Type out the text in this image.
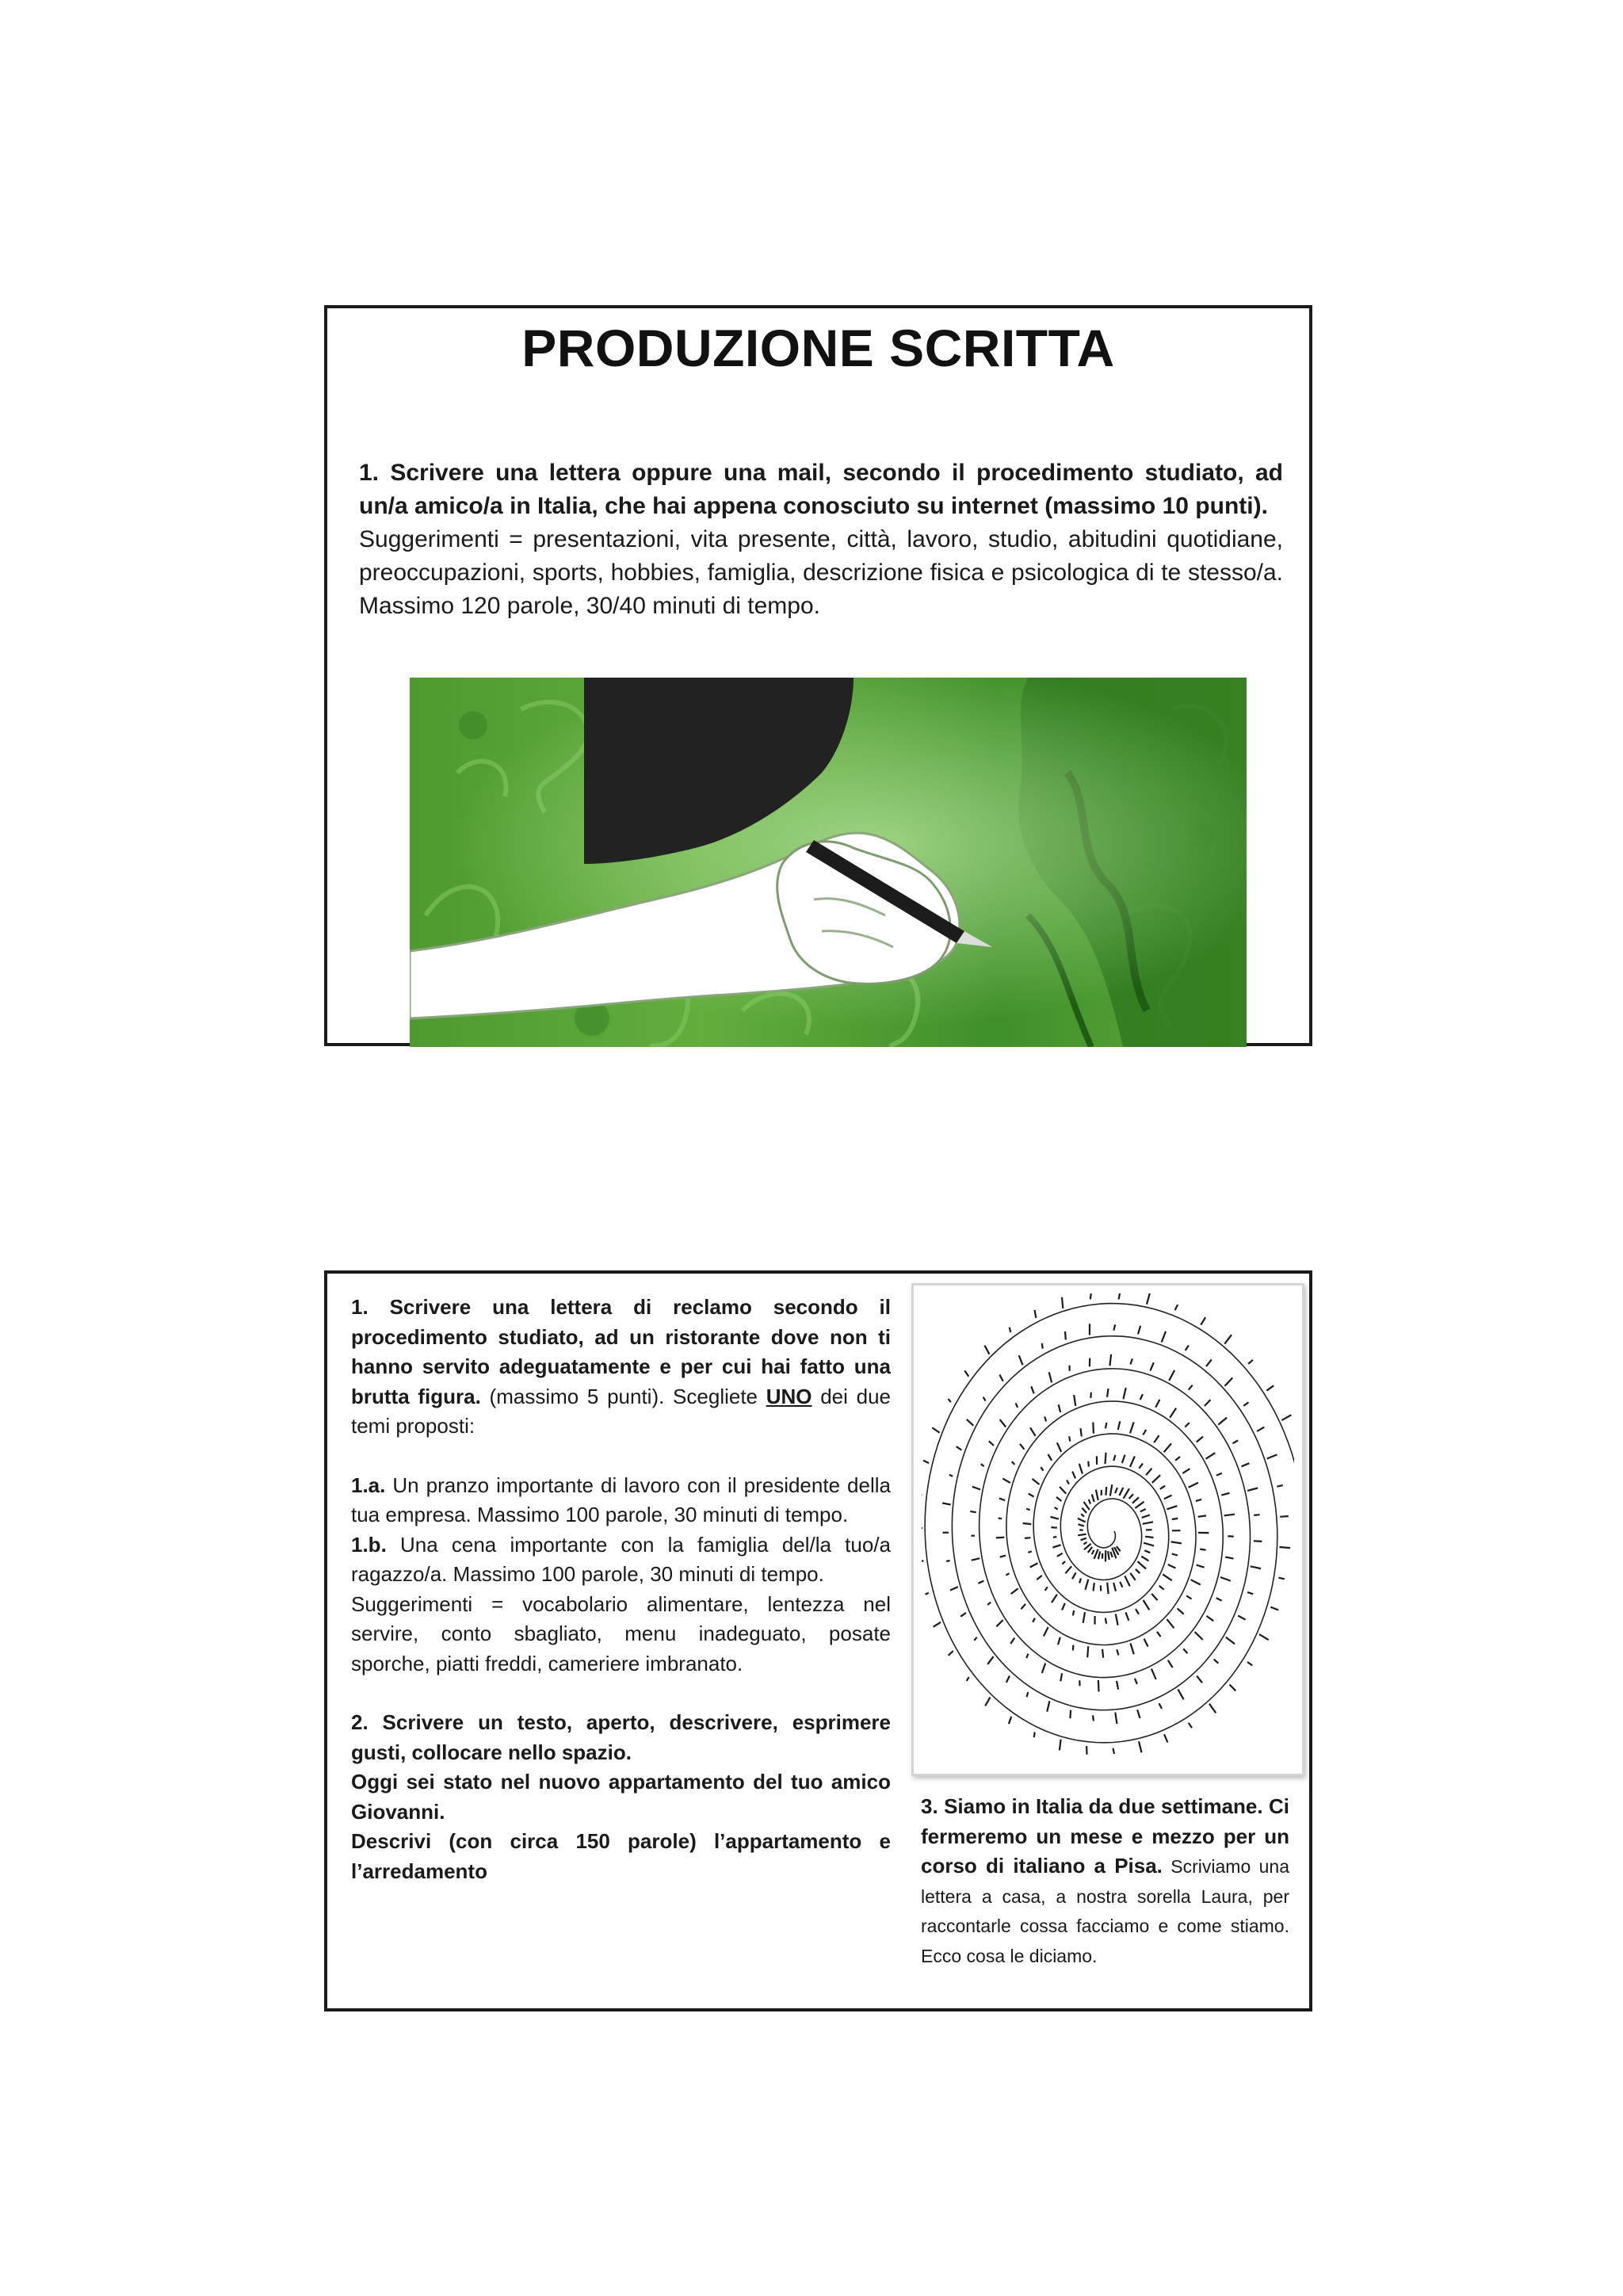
PRODUZIONE SCRITTA
1. Scrivere una lettera oppure una mail, secondo il procedimento studiato, ad un/a amico/a in Italia, che hai appena conosciuto su internet (massimo 10 punti).
Suggerimenti = presentazioni, vita presente, città, lavoro, studio, abitudini quotidiane, preoccupazioni, sports, hobbies, famiglia, descrizione fisica e psicologica di te stesso/a. Massimo 120 parole, 30/40 minuti di tempo.

1. Scrivere una lettera di reclamo secondo il procedimento studiato, ad un ristorante dove non ti hanno servito adeguatamente e per cui hai fatto una brutta figura. (massimo 5 punti). Scegliete UNO dei due temi proposti:

1.a. Un pranzo importante di lavoro con il presidente della tua empresa. Massimo 100 parole, 30 minuti di tempo.

1.b. Una cena importante con la famiglia del/la tuo/a ragazzo/a. Massimo 100 parole, 30 minuti di tempo.

Suggerimenti = vocabolario alimentare, lentezza nel servire, conto sbagliato, menu inadeguato, posate sporche, piatti freddi, cameriere imbranato.

2. Scrivere un testo, aperto, descrivere, esprimere gusti, collocare nello spazio.

Oggi sei stato nel nuovo appartamento del tuo amico Giovanni.

Descrivi (con circa 150 parole) l’appartamento e l’arredamento

3. Siamo in Italia da due settimane. Ci fermeremo un mese e mezzo per un corso di italiano a Pisa. Scriviamo una lettera a casa, a nostra sorella Laura, per raccontarle cossa facciamo e come stiamo. Ecco cosa le diciamo.
